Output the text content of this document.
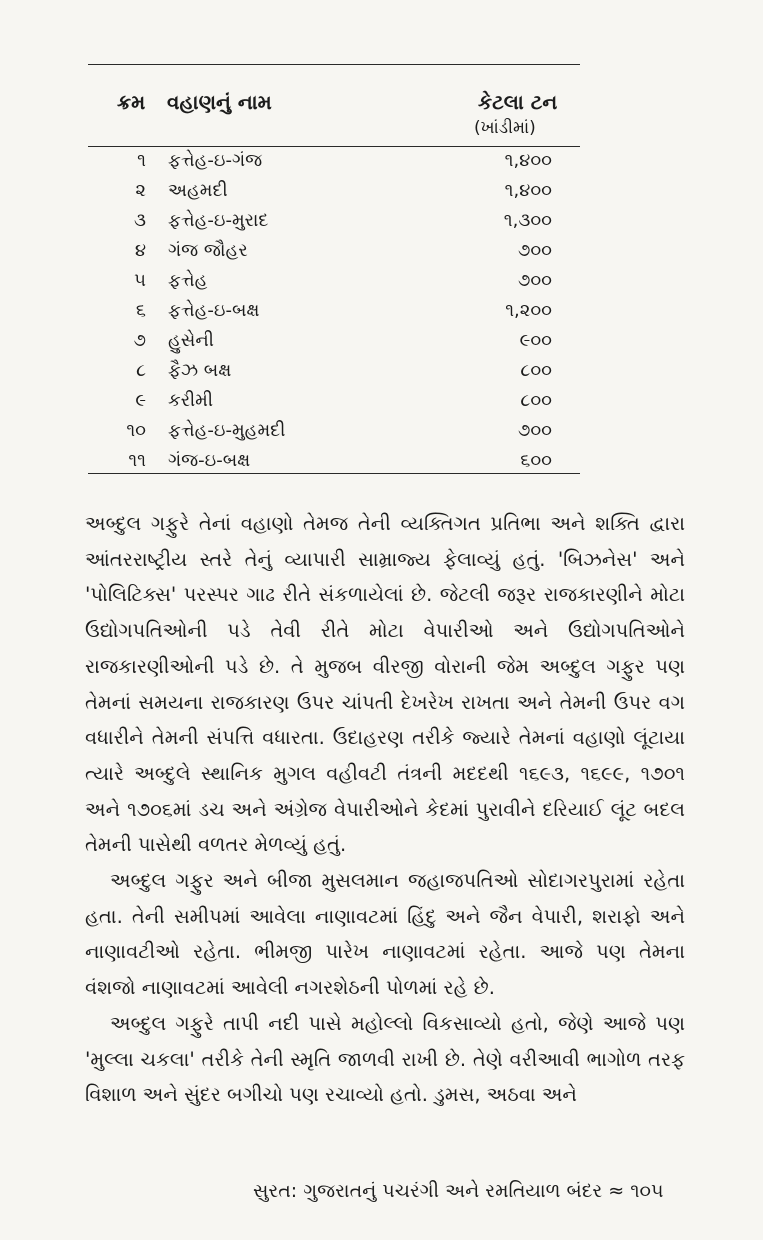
ક્રમ વહાણનું નામ	કેટલા ટન
(ખાંડીમાં)
૧ ફત્તેહ-ઇ-ગંજ	૧,૪૦૦
૨ અહમદી	૧,૪૦૦
૩ ફત્તેહ-ઇ-મુરાદ	૧,૩૦૦
૪ ગંજ જૌહર	૭૦૦
૫ ફત્તેહ	૭૦૦
૬ ફત્તેહ-ઇ-બક્ષ	૧,૨૦૦
૭ હુસેની	૯૦૦
૮ ફૈઝ બક્ષ	૮૦૦
૯ કરીમી	૮૦૦
૧૦ ફત્તેહ-ઇ-મુહમદી	૭૦૦
૧૧ ગંજ-ઇ-બક્ષ	૬૦૦

અબ્દુલ ગફુરે તેનાં વહાણો તેમજ તેની વ્યક્તિગત પ્રતિભા અને શક્તિ દ્વારા આંતરરાષ્ટ્રીય સ્તરે તેનું વ્યાપારી સામ્રાજ્ય ફેલાવ્યું હતું. 'બિઝનેસ' અને 'પોલિટિક્સ' પરસ્પર ગાઢ રીતે સંકળાયેલાં છે. જેટલી જરૂર રાજકારણીને મોટા ઉદ્યોગપતિઓની પડે તેવી રીતે મોટા વેપારીઓ અને ઉદ્યોગપતિઓને રાજકારણીઓની પડે છે. તે મુજબ વીરજી વોરાની જેમ અબ્દુલ ગફુર પણ તેમનાં સમયના રાજકારણ ઉપર ચાંપતી દેખરેખ રાખતા અને તેમની ઉપર વગ વધારીને તેમની સંપત્તિ વધારતા. ઉદાહરણ તરીકે જ્યારે તેમનાં વહાણો લૂંટાયા ત્યારે અબ્દુલે સ્થાનિક મુગલ વહીવટી તંત્રની મદદથી ૧૬૯૩, ૧૬૯૯, ૧૭૦૧ અને ૧૭૦૬માં ડચ અને અંગ્રેજ વેપારીઓને કેદમાં પુરાવીને દરિયાઈ લૂંટ બદલ તેમની પાસેથી વળતર મેળવ્યું હતું.

અબ્દુલ ગફુર અને બીજા મુસલમાન જહાજપતિઓ સોદાગરપુરામાં રહેતા હતા. તેની સમીપમાં આવેલા નાણાવટમાં હિંદુ અને જૈન વેપારી, શરાફો અને નાણાવટીઓ રહેતા. ભીમજી પારેખ નાણાવટમાં રહેતા. આજે પણ તેમના વંશજો નાણાવટમાં આવેલી નગરશેઠની પોળમાં રહે છે.

અબ્દુલ ગફુરે તાપી નદી પાસે મહોલ્લો વિકસાવ્યો હતો, જેણે આજે પણ 'મુલ્લા ચકલા' તરીકે તેની સ્મૃતિ જાળવી રાખી છે. તેણે વરીઆવી ભાગોળ તરફ વિશાળ અને સુંદર બગીચો પણ રચાવ્યો હતો. ડુમસ, અઠવા અને

સુરત: ગુજરાતનું પચરંગી અને રમતિયાળ બંદર ≈ ૧૦૫
